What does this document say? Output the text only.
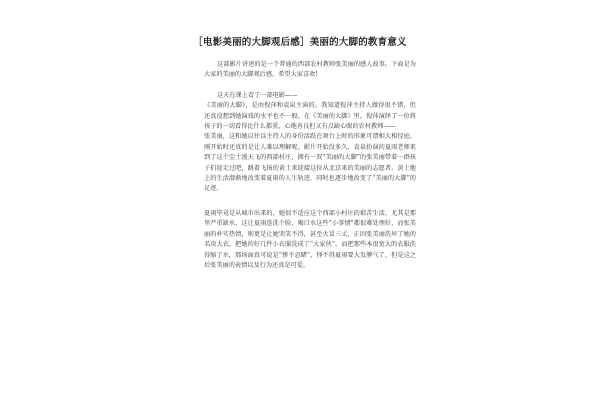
［电影美丽的大脚观后感］美丽的大脚的教育意义

这部影片讲述的是一个普通的西部农村教师张美丽的感人故事。下面是为大家的美丽的大脚观后感，希望大家喜欢!

这天在课上看了一部电影——

《美丽的大脚》，是由倪萍和袁泉主演的。我知道倪萍主持人做得很不错，但还真没想到她演戏的水平也不一般。在《美丽的大脚》里，倪萍演绎了一位将孩子的一切看得比什么都重，心地善良但又有点缺心眼的农村教师——

张美丽，这和她以往以主持人的身份活跃在舞台上时的形象可谓相大相径庭，刚开始时还真的是让人难以理解呢。影片开始没多久，袁泉扮演的夏雨老师来到了这个尘土漫天飞的西部村庄，拥有一双“美丽的大脚”的张美丽带着一群孩子们迎走过吧，跳着飞扬的黄土来迎接这位从北京来的美丽的志愿者。黄土地上的生活潜渐地改变着夏雨的人生轨迹，同时也逐步地改变了“美丽的大脚”的足迹。

夏雨毕竟是从城市出来的，她很不适应这个西部小村庄的艰苦生活，尤其是那里严重缺水，这让夏雨连洗个脸，喝口水这些“小事情”都很难处理好，而张美丽的朴实热情，则更是让她哭笑不得，甚至火冒三丈，正因张美丽洗坏了她的名贵大衣，把她的好几件小衣服洗成了“大家伙”，而把那些本很宽大的衣服洗得缩了水，那场面真可说是“惨不忍睹”，怪不得夏雨要大发脾气了，但是这之后张美丽的表情以及行为还真是可爱。
